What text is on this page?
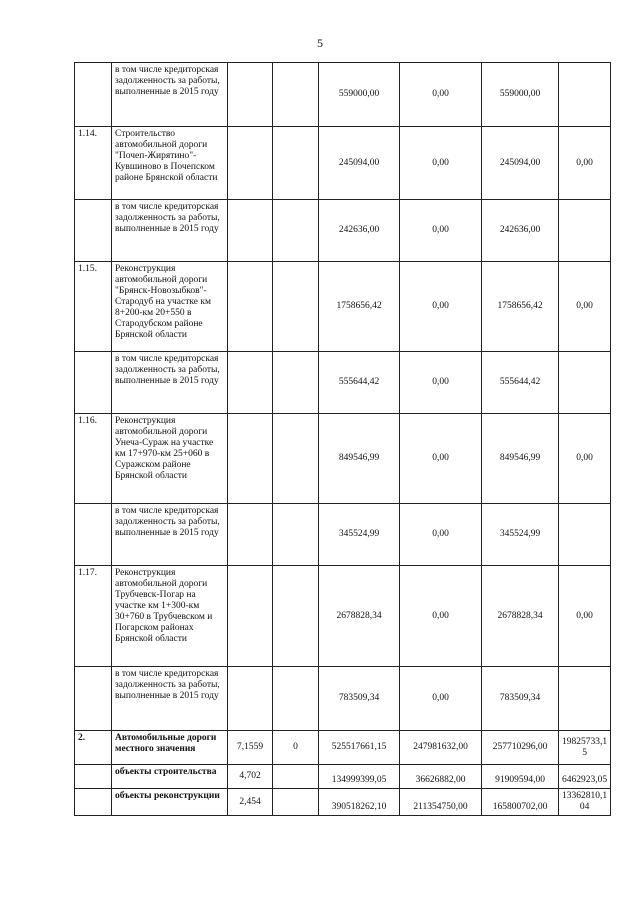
5
	в том числе кредиторская задолженность за работы, выполненные в 2015 году			559000,00	0,00	559000,00	
1.14.	Строительство автомобильной дороги "Почеп-Жирятино"-Кувшиново в Почепском районе Брянской области			245094,00	0,00	245094,00	0,00
	в том числе кредиторская задолженность за работы, выполненные в 2015 году			242636,00	0,00	242636,00	
1.15.	Реконструкция автомобильной дороги "Брянск-Новозыбков"-Стародуб на участке км 8+200-км 20+550 в Стародубском районе Брянской области			1758656,42	0,00	1758656,42	0,00
	в том числе кредиторская задолженность за работы, выполненные в 2015 году			555644,42	0,00	555644,42	
1.16.	Реконструкция автомобильной дороги Унеча-Сураж на участке км 17+970-км 25+060 в Суражском районе Брянской области			849546,99	0,00	849546,99	0,00
	в том числе кредиторская задолженность за работы, выполненные в 2015 году			345524,99	0,00	345524,99	
1.17.	Реконструкция автомобильной дороги Трубчевск-Погар на участке км 1+300-км 30+760 в Трубчевском и Погарском районах Брянской области			2678828,34	0,00	2678828,34	0,00
	в том числе кредиторская задолженность за работы, выполненные в 2015 году			783509,34	0,00	783509,34	
2.	Автомобильные дороги местного значения	7,1559	0	525517661,15	247981632,00	257710296,00	19825733,15
	объекты строительства	4,702		134999399,05	36626882,00	91909594,00	6462923,05
	объекты реконструкции	2,454		390518262,10	211354750,00	165800702,00	13362810,104
